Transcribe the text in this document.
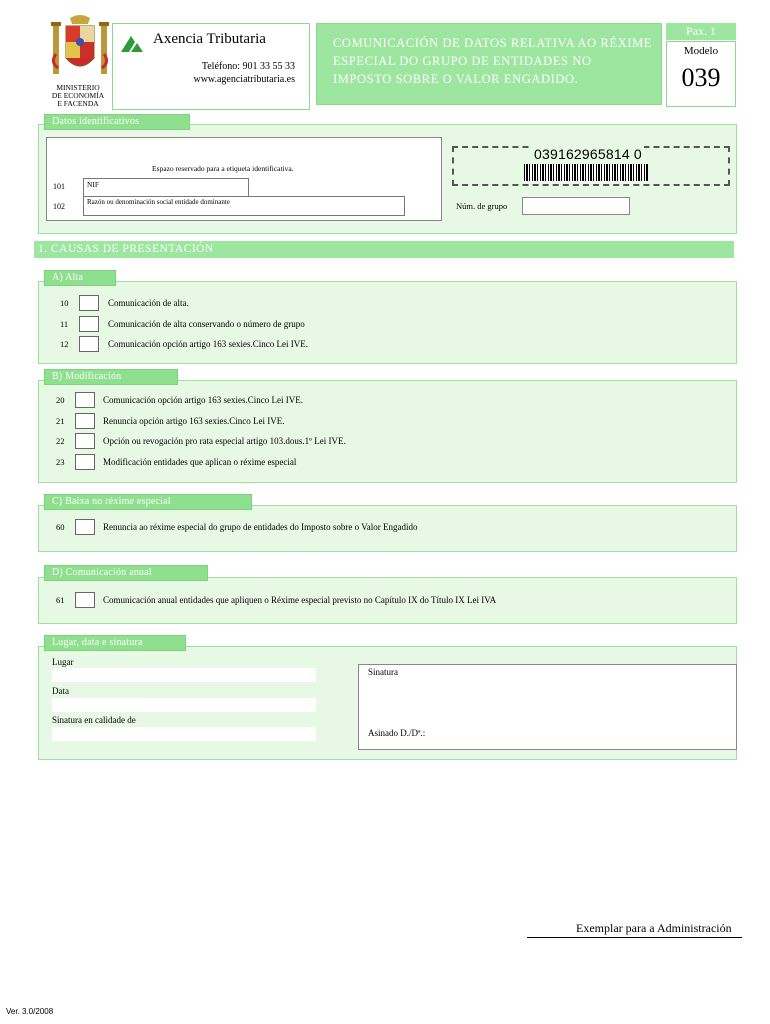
MINISTERIO
DE ECONOMÍA
E FACENDA
Axencia Tributaria
Teléfono: 901 33 55 33
www.agenciatributaria.es
COMUNICACIÓN DE DATOS RELATIVA AO RÉXIME ESPECIAL DO GRUPO DE ENTIDADES NO IMPOSTO SOBRE O VALOR ENGADIDO.
Pax. 1
Modelo
039
Datos identificativos
Espazo reservado para a etiqueta identificativa.
101	NIF
102	Razón ou denominación social entidade dominante
039162965814 0
Núm. de grupo
1. CAUSAS DE PRESENTACIÓN
A) Alta
10	Comunicación de alta.
11	Comunicación de alta conservando o número de grupo
12	Comunicación opción artigo 163 sexies.Cinco Lei IVE.
B) Modificación
20	Comunicación opción artigo 163 sexies.Cinco Lei IVE.
21	Renuncia opción artigo 163 sexies.Cinco Lei IVE.
22	Opción ou revogación pro rata especial artigo 103.dous.1º Lei IVE.
23	Modificación entidades que aplican o réxime especial
C) Baixa no réxime especial
60	Renuncia ao réxime especial do grupo de entidades do Imposto sobre o Valor Engadido
D) Comunicación anual
61	Comunicación anual entidades que apliquen o Réxime especial previsto no Capítulo IX do Título IX Lei IVA
Lugar, data e sinatura
Lugar
Data
Sinatura en calidade de
Sinatura
Asinado D./Dª.:
Exemplar para a Administración
Ver. 3.0/2008
